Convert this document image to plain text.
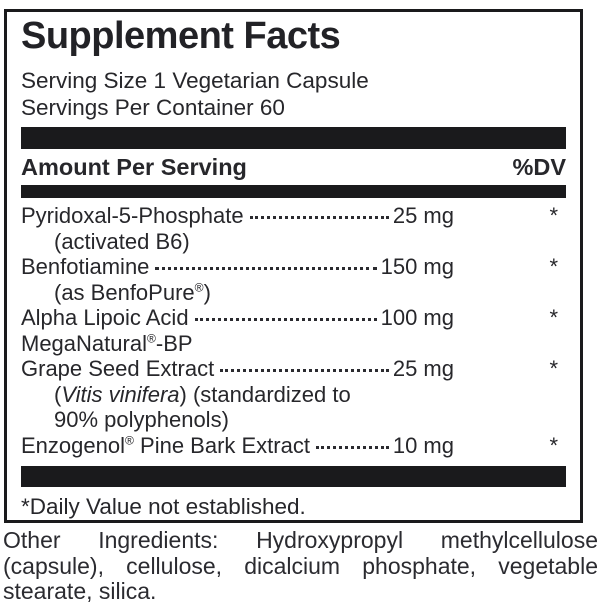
Supplement Facts
Serving Size 1 Vegetarian Capsule
Servings Per Container 60
Amount Per Serving	%DV
Pyridoxal-5-Phosphate	25 mg	*
(activated B6)
Benfotiamine	150 mg	*
(as BenfoPure®)
Alpha Lipoic Acid	100 mg	*
MegaNatural®-BP
Grape Seed Extract	25 mg	*
(Vitis vinifera) (standardized to
90% polyphenols)
Enzogenol® Pine Bark Extract	10 mg	*
*Daily Value not established.

Other Ingredients: Hydroxypropyl methylcellulose (capsule), cellulose, dicalcium phosphate, vegetable stearate, silica.
